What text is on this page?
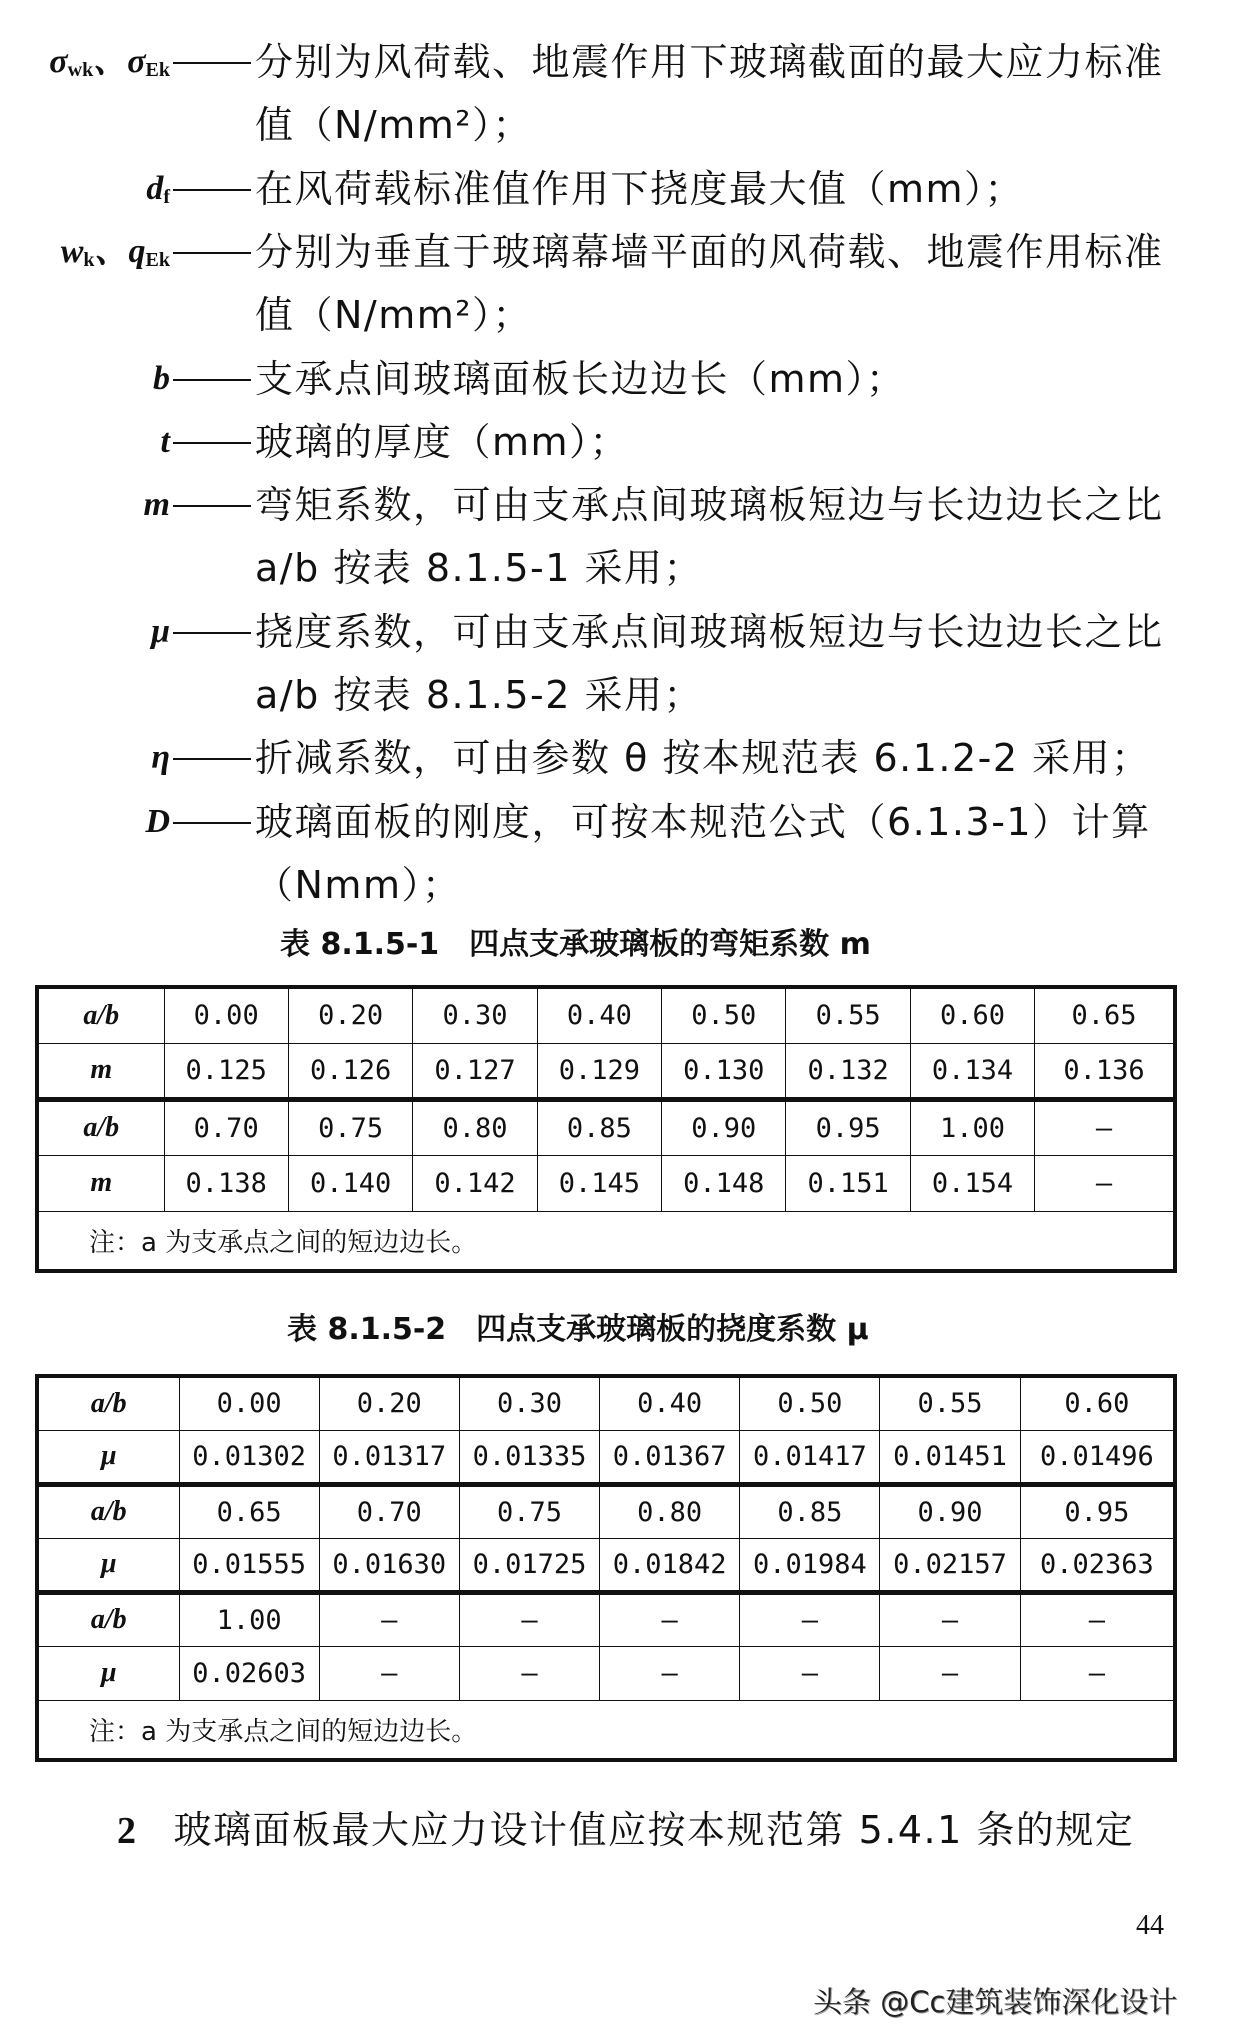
$\sigma_{wk}$、$\sigma_{Ek}$ 分别为风荷载、地震作用下玻璃截面的最大应力标准
值（N/mm²）；
$d_f$ 在风荷载标准值作用下挠度最大值（mm）；
$w_k$、$q_{Ek}$ 分别为垂直于玻璃幕墙平面的风荷载、地震作用标准
值（N/mm²）；
b 支承点间玻璃面板长边边长（mm）；
t 玻璃的厚度（mm）；
m 弯矩系数，可由支承点间玻璃板短边与长边边长之比
a/b 按表 8.1.5-1 采用；
μ 挠度系数，可由支承点间玻璃板短边与长边边长之比
a/b 按表 8.1.5-2 采用；
η 折减系数，可由参数 θ 按本规范表 6.1.2-2 采用；
D 玻璃面板的刚度，可按本规范公式（6.1.3-1）计算
（Nmm）；
表 8.1.5-1　四点支承玻璃板的弯矩系数 m
a/b	0.00	0.20	0.30	0.40	0.50	0.55	0.60	0.65
m	0.125	0.126	0.127	0.129	0.130	0.132	0.134	0.136
a/b	0.70	0.75	0.80	0.85	0.90	0.95	1.00	—
m	0.138	0.140	0.142	0.145	0.148	0.151	0.154	—
注：a 为支承点之间的短边边长。								
表 8.1.5-2　四点支承玻璃板的挠度系数 μ
a/b	0.00	0.20	0.30	0.40	0.50	0.55	0.60
μ	0.01302	0.01317	0.01335	0.01367	0.01417	0.01451	0.01496
a/b	0.65	0.70	0.75	0.80	0.85	0.90	0.95
μ	0.01555	0.01630	0.01725	0.01842	0.01984	0.02157	0.02363
a/b	1.00	—	—	—	—	—	—
μ	0.02603	—	—	—	—	—	—
注：a 为支承点之间的短边边长。							
2 玻璃面板最大应力设计值应按本规范第 5.4.1 条的规定
44
头条 @Cc建筑装饰深化设计
